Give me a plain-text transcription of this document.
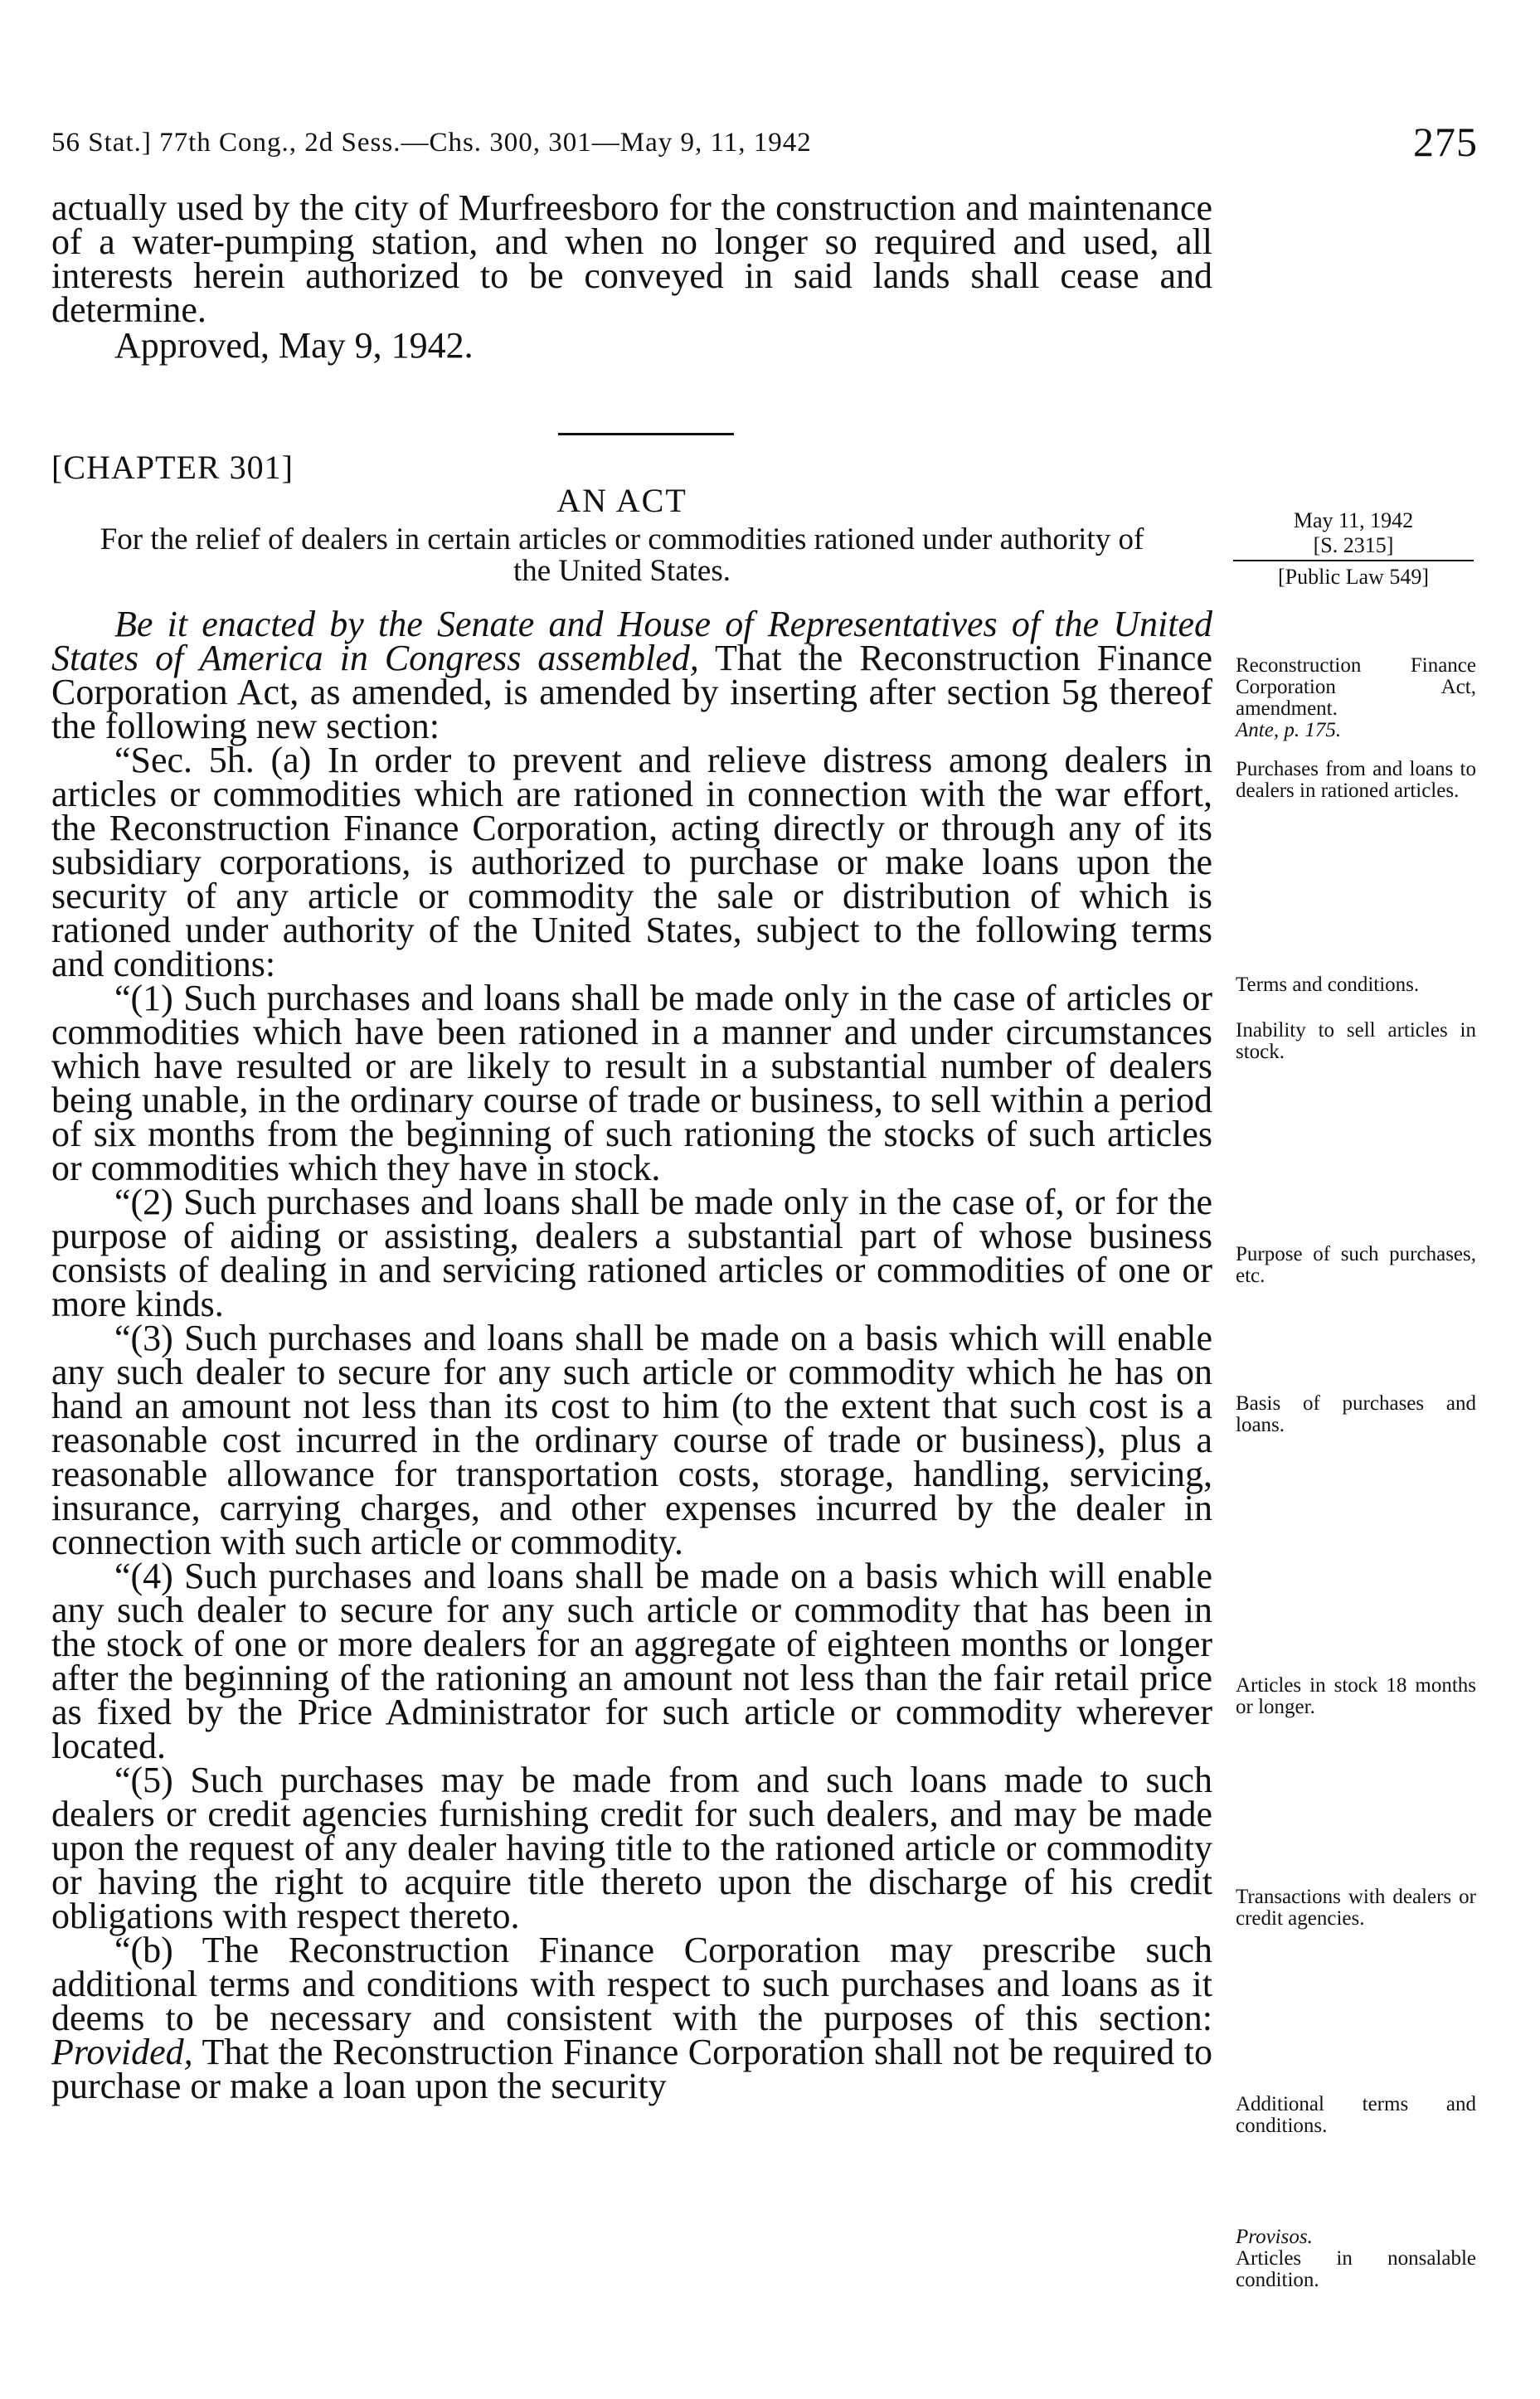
56 Stat.] 77th Cong., 2d Sess.—Chs. 300, 301—May 9, 11, 1942	275

actually used by the city of Murfreesboro for the construction and maintenance of a water-pumping station, and when no longer so required and used, all interests herein authorized to be conveyed in said lands shall cease and determine.

Approved, May 9, 1942.

[CHAPTER 301]
AN ACT
For the relief of dealers in certain articles or commodities rationed under authority of the United States.
May 11, 1942
[S. 2315]
[Public Law 549]

Be it enacted by the Senate and House of Representatives of the United States of America in Congress assembled, That the Reconstruction Finance Corporation Act, as amended, is amended by inserting after section 5g thereof the following new section:

“Sec. 5h. (a) In order to prevent and relieve distress among dealers in articles or commodities which are rationed in connection with the war effort, the Reconstruction Finance Corporation, acting directly or through any of its subsidiary corporations, is authorized to purchase or make loans upon the security of any article or commodity the sale or distribution of which is rationed under authority of the United States, subject to the following terms and conditions:

“(1) Such purchases and loans shall be made only in the case of articles or commodities which have been rationed in a manner and under circumstances which have resulted or are likely to result in a substantial number of dealers being unable, in the ordinary course of trade or business, to sell within a period of six months from the beginning of such rationing the stocks of such articles or commodities which they have in stock.

“(2) Such purchases and loans shall be made only in the case of, or for the purpose of aiding or assisting, dealers a substantial part of whose business consists of dealing in and servicing rationed articles or commodities of one or more kinds.

“(3) Such purchases and loans shall be made on a basis which will enable any such dealer to secure for any such article or commodity which he has on hand an amount not less than its cost to him (to the extent that such cost is a reasonable cost incurred in the ordinary course of trade or business), plus a reasonable allowance for transportation costs, storage, handling, servicing, insurance, carrying charges, and other expenses incurred by the dealer in connection with such article or commodity.

“(4) Such purchases and loans shall be made on a basis which will enable any such dealer to secure for any such article or commodity that has been in the stock of one or more dealers for an aggregate of eighteen months or longer after the beginning of the rationing an amount not less than the fair retail price as fixed by the Price Administrator for such article or commodity wherever located.

“(5) Such purchases may be made from and such loans made to such dealers or credit agencies furnishing credit for such dealers, and may be made upon the request of any dealer having title to the rationed article or commodity or having the right to acquire title thereto upon the discharge of his credit obligations with respect thereto.

“(b) The Reconstruction Finance Corporation may prescribe such additional terms and conditions with respect to such purchases and loans as it deems to be necessary and consistent with the purposes of this section: Provided, That the Reconstruction Finance Corporation shall not be required to purchase or make a loan upon the security

Reconstruction Finance Corporation Act, amendment.
Ante, p. 175.
Purchases from and loans to dealers in rationed articles.
Terms and conditions.
Inability to sell articles in stock.
Purpose of such purchases, etc.
Basis of purchases and loans.
Articles in stock 18 months or longer.
Transactions with dealers or credit agencies.
Additional terms and conditions.
Provisos.
Articles in nonsalable condition.
